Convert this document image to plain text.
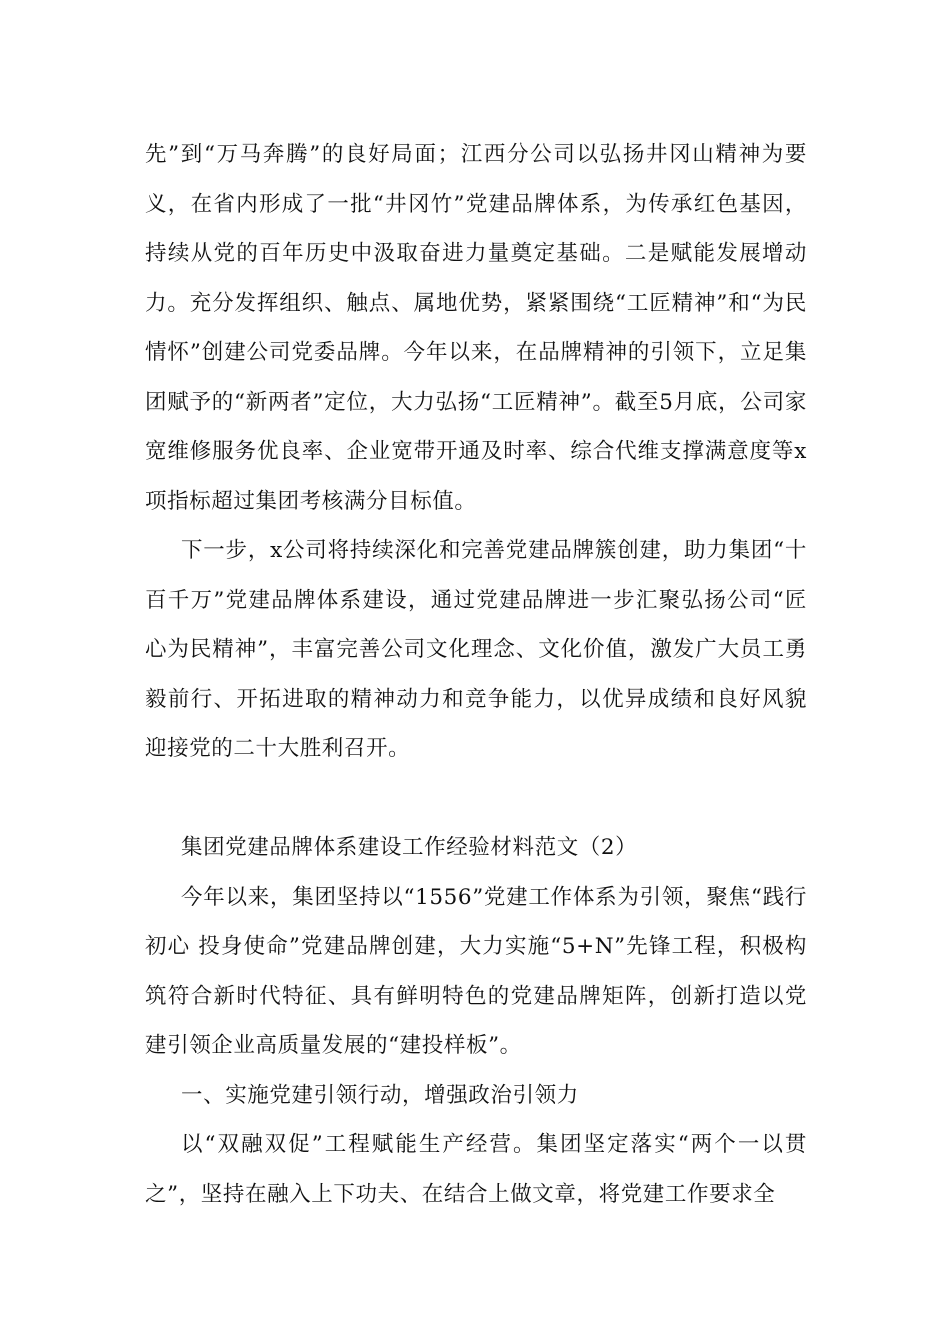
先”到“万马奔腾”的良好局面；江西分公司以弘扬井冈山精神为要义，在省内形成了一批“井冈竹”党建品牌体系，为传承红色基因，持续从党的百年历史中汲取奋进力量奠定基础。二是赋能发展增动力。充分发挥组织、触点、属地优势，紧紧围绕“工匠精神”和“为民情怀”创建公司党委品牌。今年以来，在品牌精神的引领下，立足集团赋予的“新两者”定位，大力弘扬“工匠精神”。截至5月底，公司家宽维修服务优良率、企业宽带开通及时率、综合代维支撑满意度等x项指标超过集团考核满分目标值。

下一步，x公司将持续深化和完善党建品牌簇创建，助力集团“十百千万”党建品牌体系建设，通过党建品牌进一步汇聚弘扬公司“匠心为民精神”，丰富完善公司文化理念、文化价值，激发广大员工勇毅前行、开拓进取的精神动力和竞争能力，以优异成绩和良好风貌迎接党的二十大胜利召开。

集团党建品牌体系建设工作经验材料范文（2）

今年以来，集团坚持以“1556”党建工作体系为引领，聚焦“践行初心 投身使命”党建品牌创建，大力实施“5+N”先锋工程，积极构筑符合新时代特征、具有鲜明特色的党建品牌矩阵，创新打造以党建引领企业高质量发展的“建投样板”。

一、实施党建引领行动，增强政治引领力

以“双融双促”工程赋能生产经营。集团坚定落实“两个一以贯之”，坚持在融入上下功夫、在结合上做文章，将党建工作要求全
